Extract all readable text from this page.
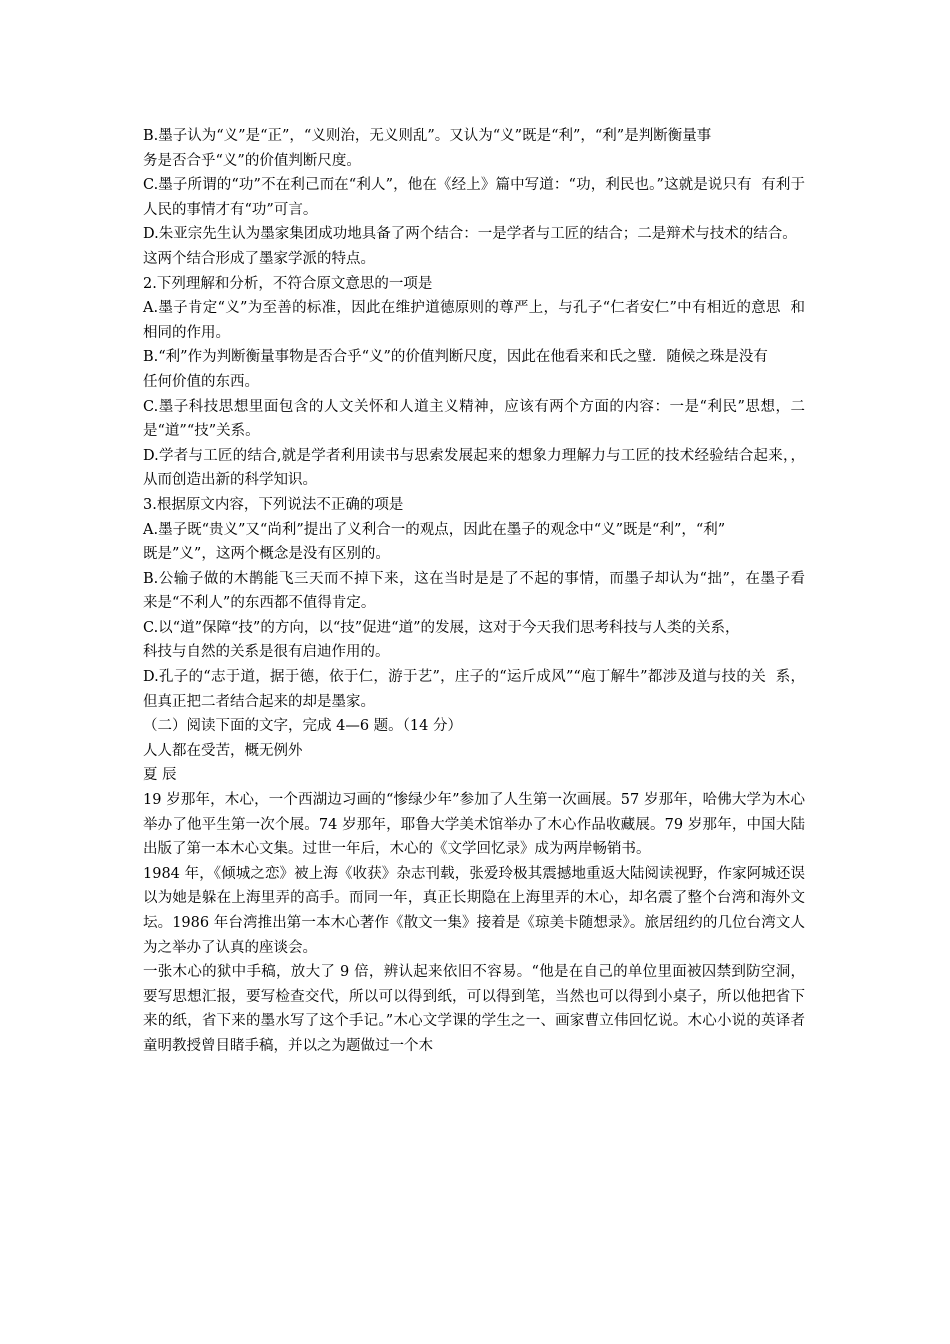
B.墨子认为“义”是“正”，“义则治，无义则乱”。又认为“义”既是“利”，“利”是判断衡量事

务是否合乎“义”的价值判断尺度。

C.墨子所谓的“功”不在利己而在“利人”，他在《经上》篇中写道：“功，利民也。”这就是说只有  有利于人民的事情才有“功”可言。

D.朱亚宗先生认为墨家集团成功地具备了两个结合：一是学者与工匠的结合；二是辩术与技术的结合。

这两个结合形成了墨家学派的特点。

2.下列理解和分析，不符合原文意思的一项是

A.墨子肯定“义”为至善的标准，因此在维护道德原则的尊严上，与孔子“仁者安仁”中有相近的意思  和相同的作用。

B.“利”作为判断衡量事物是否合乎“义”的价值判断尺度，因此在他看来和氏之璧．随候之珠是没有

任何价值的东西。

C.墨子科技思想里面包含的人文关怀和人道主义精神，应该有两个方面的内容：一是“利民”思想，二  是“道”“技”关系。

D.学者与工匠的结合,就是学者利用读书与思索发展起来的想象力理解力与工匠的技术经验结合起来，，  从而创造出新的科学知识。

3.根据原文内容，下列说法不正确的项是

A.墨子既“贵义”又“尚利”提出了义利合一的观点，因此在墨子的观念中“义”既是“利”，“利”

既是”义”，这两个概念是没有区别的。

B.公输子做的木鹊能飞三天而不掉下来，这在当时是是了不起的事情，而墨子却认为“拙”，在墨子看  来是“不利人”的东西都不值得肯定。

C.以“道”保障“技”的方向，以“技”促进“道”的发展，这对于今天我们思考科技与人类的关系，

科技与自然的关系是很有启迪作用的。

D.孔子的“志于道，据于德，依于仁，游于艺”，庄子的“运斤成风”“庖丁解牛”都涉及道与技的关  系，但真正把二者结合起来的却是墨家。

（二）阅读下面的文字，完成 4—6 题。（14 分）

人人都在受苦，概无例外

夏 辰

19 岁那年，木心，一个西湖边习画的“惨绿少年”参加了人生第一次画展。57 岁那年，哈佛大学为木心举办了他平生第一次个展。74 岁那年，耶鲁大学美术馆举办了木心作品收藏展。79 岁那年，中国大陆出版了第一本木心文集。过世一年后，木心的《文学回忆录》成为两岸畅销书。

1984 年，《倾城之恋》被上海《收获》杂志刊载，张爱玲极其震撼地重返大陆阅读视野，作家阿城还误以为她是躲在上海里弄的高手。而同一年，真正长期隐在上海里弄的木心，却名震了整个台湾和海外文坛。1986 年台湾推出第一本木心著作《散文一集》接着是《琼美卡随想录》。旅居纽约的几位台湾文人为之举办了认真的座谈会。

一张木心的狱中手稿，放大了 9 倍，辨认起来依旧不容易。“他是在自己的单位里面被囚禁到防空洞，要写思想汇报，要写检查交代，所以可以得到纸，可以得到笔，当然也可以得到小桌子，所以他把省下来的纸，省下来的墨水写了这个手记。”木心文学课的学生之一、画家曹立伟回忆说。木心小说的英译者童明教授曾目睹手稿，并以之为题做过一个木
